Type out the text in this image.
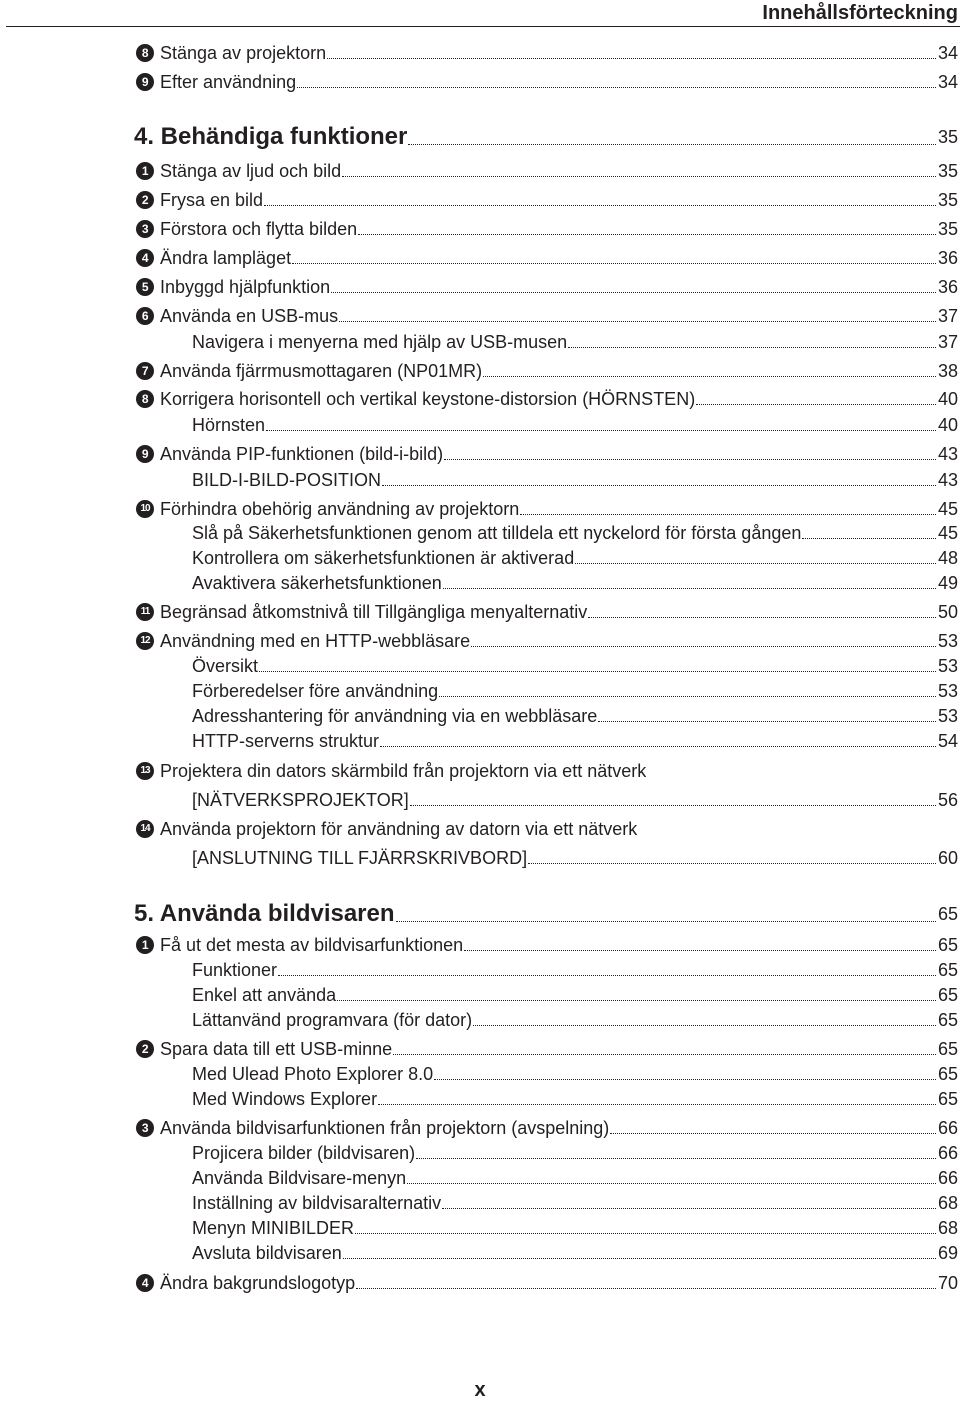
Innehållsförteckning
8 Stänga av projektorn	34
9 Efter användning	34
4. Behändiga funktioner	35
1 Stänga av ljud och bild	35
2 Frysa en bild	35
3 Förstora och flytta bilden	35
4 Ändra lampläget	36
5 Inbyggd hjälpfunktion	36
6 Använda en USB-mus	37
Navigera i menyerna med hjälp av USB-musen	37
7 Använda fjärrmusmottagaren (NP01MR)	38
8 Korrigera horisontell och vertikal keystone-distorsion (HÖRNSTEN)	40
Hörnsten	40
9 Använda PIP-funktionen (bild-i-bild)	43
BILD-I-BILD-POSITION	43
10 Förhindra obehörig användning av projektorn	45
Slå på Säkerhetsfunktionen genom att tilldela ett nyckelord för första gången	45
Kontrollera om säkerhetsfunktionen är aktiverad	48
Avaktivera säkerhetsfunktionen	49
11 Begränsad åtkomstnivå till Tillgängliga menyalternativ	50
12 Användning med en HTTP-webbläsare	53
Översikt	53
Förberedelser före användning	53
Adresshantering för användning via en webbläsare	53
HTTP-serverns struktur	54
13 Projektera din dators skärmbild från projektorn via ett nätverk
[NÄTVERKSPROJEKTOR]	56
14 Använda projektorn för användning av datorn via ett nätverk
[ANSLUTNING TILL FJÄRRSKRIVBORD]	60
5. Använda bildvisaren	65
1 Få ut det mesta av bildvisarfunktionen	65
Funktioner	65
Enkel att använda	65
Lättanvänd programvara (för dator)	65
2 Spara data till ett USB-minne	65
Med Ulead Photo Explorer 8.0	65
Med Windows Explorer	65
3 Använda bildvisarfunktionen från projektorn (avspelning)	66
Projicera bilder (bildvisaren)	66
Använda Bildvisare-menyn	66
Inställning av bildvisaralternativ	68
Menyn MINIBILDER	68
Avsluta bildvisaren	69
4 Ändra bakgrundslogotyp	70
x
